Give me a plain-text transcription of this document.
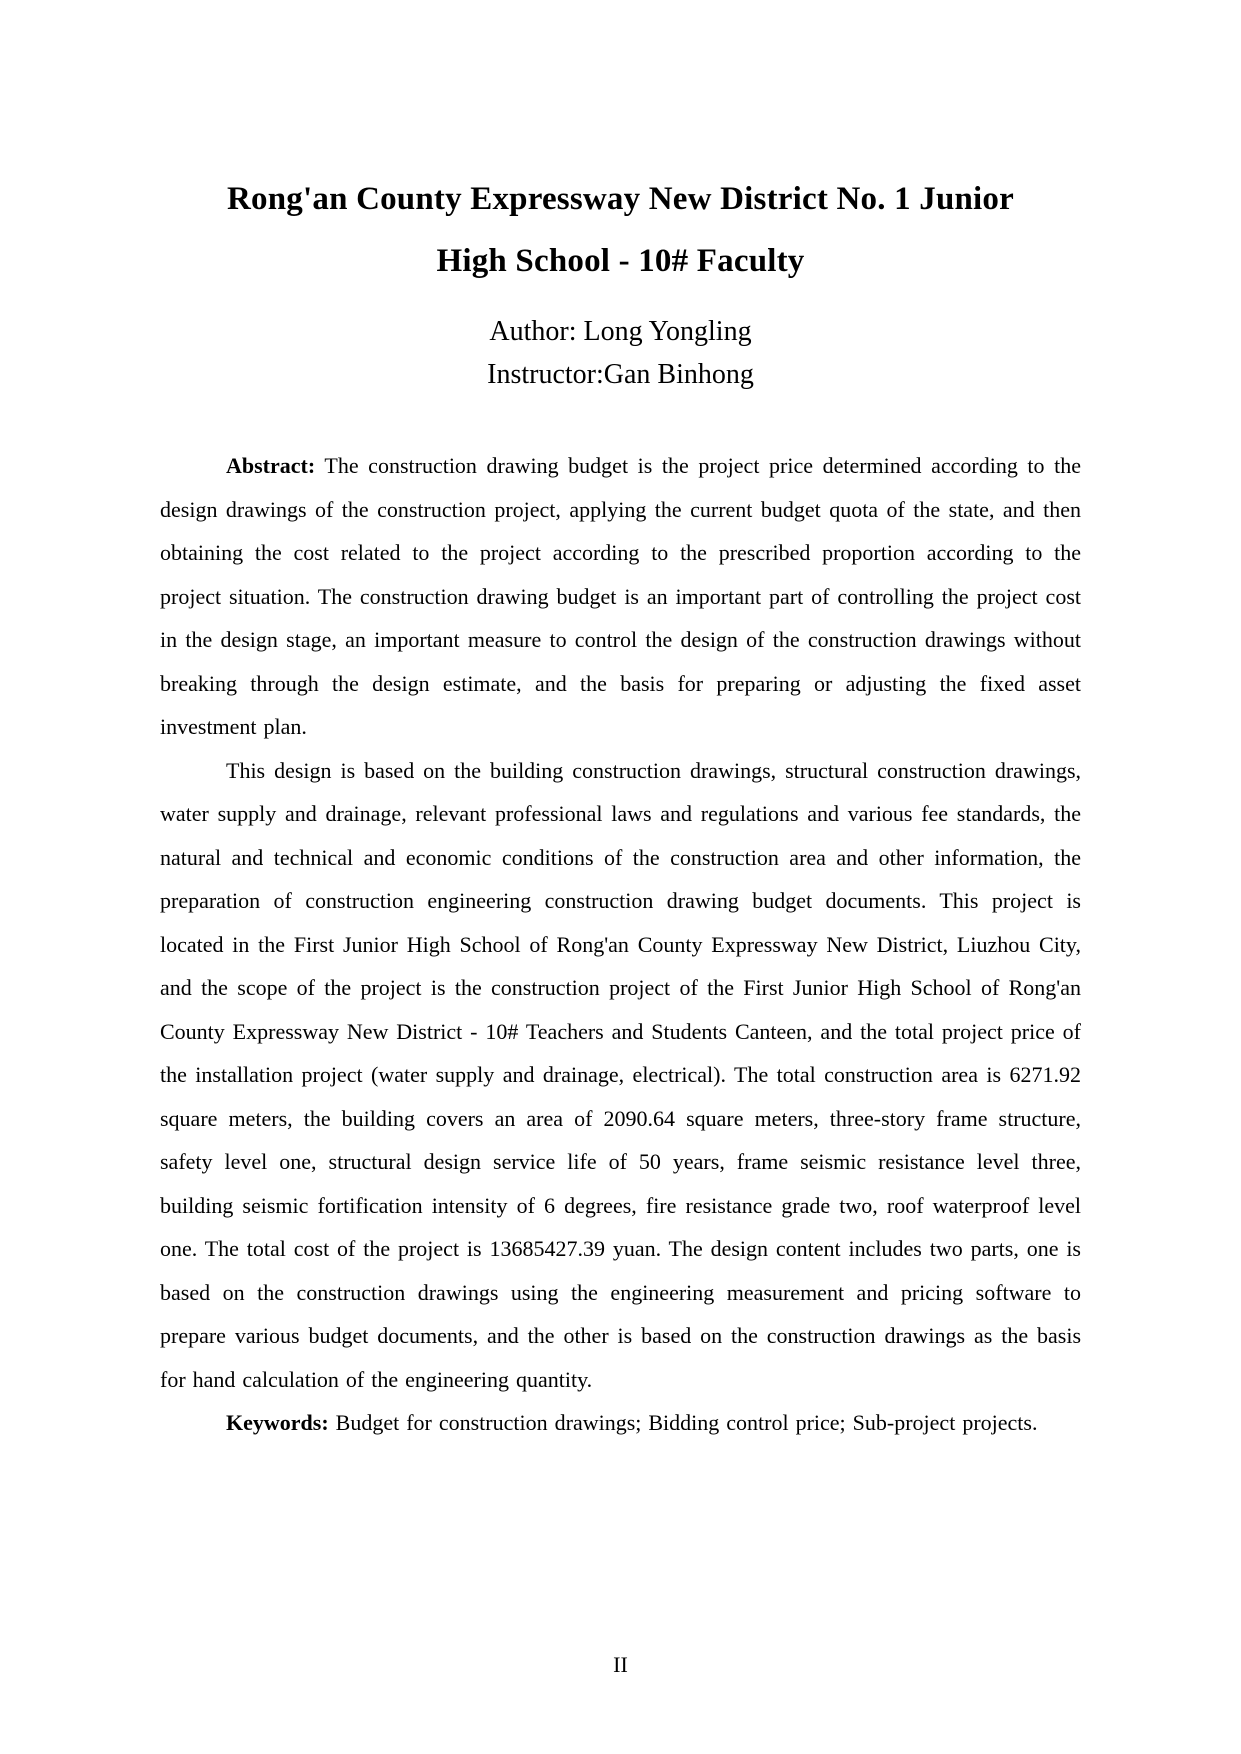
Rong'an County Expressway New District No. 1 Junior
High School - 10# Faculty
Author: Long Yongling
Instructor:Gan Binhong

Abstract: The construction drawing budget is the project price determined according to the design drawings of the construction project, applying the current budget quota of the state, and then obtaining the cost related to the project according to the prescribed proportion according to the project situation. The construction drawing budget is an important part of controlling the project cost in the design stage, an important measure to control the design of the construction drawings without breaking through the design estimate, and the basis for preparing or adjusting the fixed asset investment plan.

This design is based on the building construction drawings, structural construction drawings, water supply and drainage, relevant professional laws and regulations and various fee standards, the natural and technical and economic conditions of the construction area and other information, the preparation of construction engineering construction drawing budget documents. This project is located in the First Junior High School of Rong'an County Expressway New District, Liuzhou City, and the scope of the project is the construction project of the First Junior High School of Rong'an County Expressway New District - 10# Teachers and Students Canteen, and the total project price of the installation project (water supply and drainage, electrical). The total construction area is 6271.92 square meters, the building covers an area of 2090.64 square meters, three-story frame structure, safety level one, structural design service life of 50 years, frame seismic resistance level three, building seismic fortification intensity of 6 degrees, fire resistance grade two, roof waterproof level one. The total cost of the project is 13685427.39 yuan. The design content includes two parts, one is based on the construction drawings using the engineering measurement and pricing software to prepare various budget documents, and the other is based on the construction drawings as the basis for hand calculation of the engineering quantity.

Keywords: Budget for construction drawings; Bidding control price; Sub-project projects.

II
